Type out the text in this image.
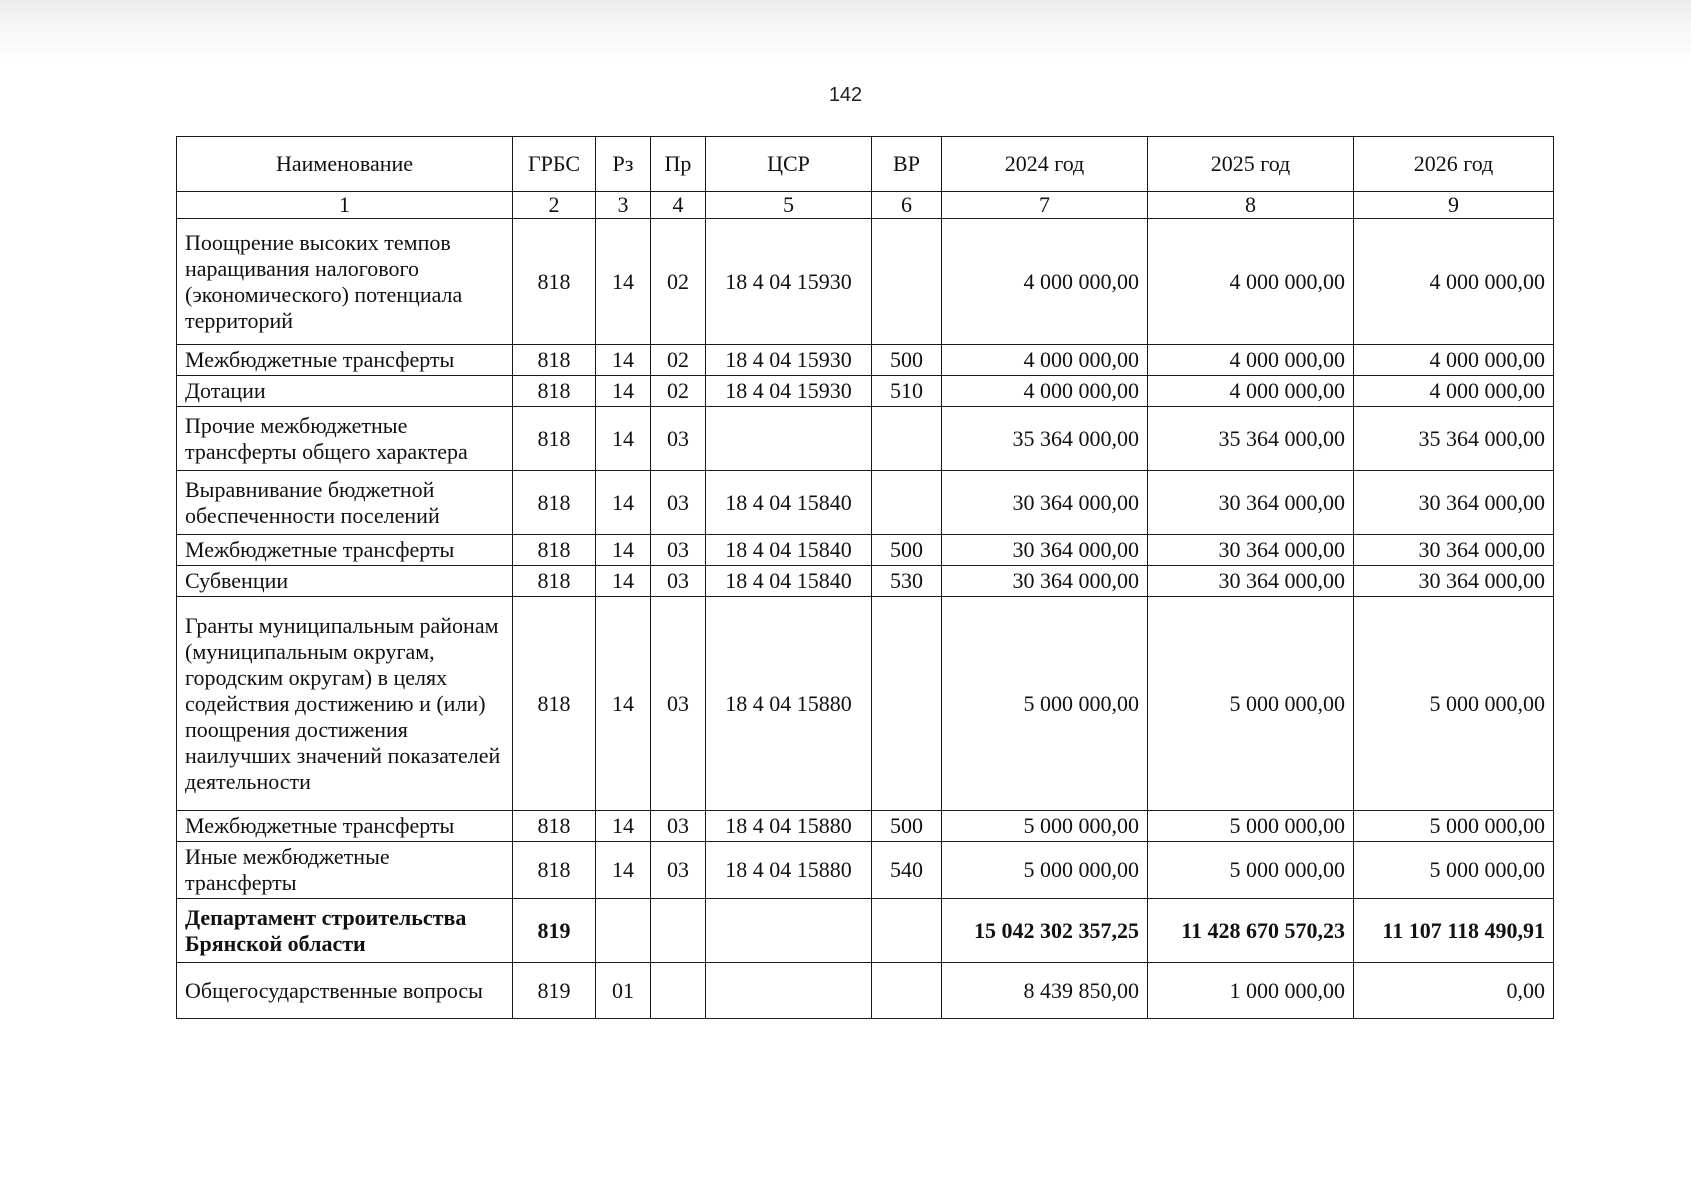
142
Наименование	ГРБС	Рз	Пр	ЦСР	ВР	2024 год	2025 год	2026 год
1	2	3	4	5	6	7	8	9
Поощрение высоких темпов наращивания налогового (экономического) потенциала территорий	818	14	02	18 4 04 15930		4 000 000,00	4 000 000,00	4 000 000,00
Межбюджетные трансферты	818	14	02	18 4 04 15930	500	4 000 000,00	4 000 000,00	4 000 000,00
Дотации	818	14	02	18 4 04 15930	510	4 000 000,00	4 000 000,00	4 000 000,00
Прочие межбюджетные трансферты общего характера	818	14	03			35 364 000,00	35 364 000,00	35 364 000,00
Выравнивание бюджетной обеспеченности поселений	818	14	03	18 4 04 15840		30 364 000,00	30 364 000,00	30 364 000,00
Межбюджетные трансферты	818	14	03	18 4 04 15840	500	30 364 000,00	30 364 000,00	30 364 000,00
Субвенции	818	14	03	18 4 04 15840	530	30 364 000,00	30 364 000,00	30 364 000,00
Гранты муниципальным районам (муниципальным округам, городским округам) в целях содействия достижению и (или) поощрения достижения наилучших значений показателей деятельности	818	14	03	18 4 04 15880		5 000 000,00	5 000 000,00	5 000 000,00
Межбюджетные трансферты	818	14	03	18 4 04 15880	500	5 000 000,00	5 000 000,00	5 000 000,00
Иные межбюджетные трансферты	818	14	03	18 4 04 15880	540	5 000 000,00	5 000 000,00	5 000 000,00
Департамент строительства Брянской области	819					15 042 302 357,25	11 428 670 570,23	11 107 118 490,91
Общегосударственные вопросы	819	01				8 439 850,00	1 000 000,00	0,00
